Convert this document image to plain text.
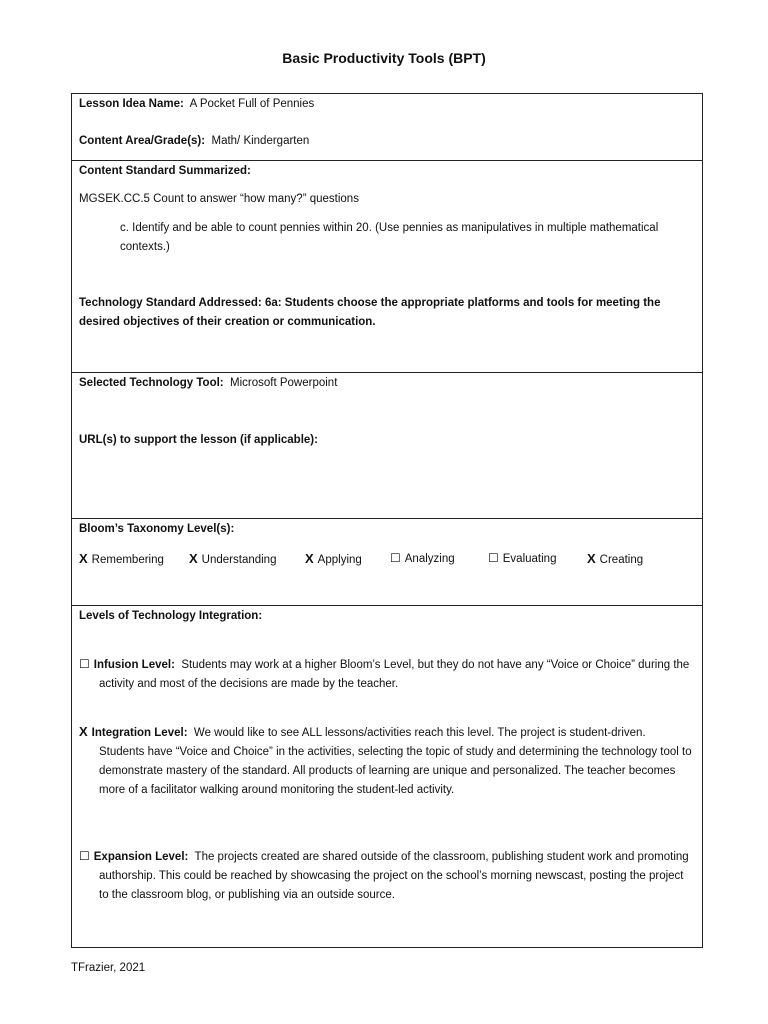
Basic Productivity Tools (BPT)
Lesson Idea Name: A Pocket Full of Pennies
Content Area/Grade(s): Math/ Kindergarten
Content Standard Summarized:
MGSEK.CC.5 Count to answer “how many?” questions
c. Identify and be able to count pennies within 20. (Use pennies as manipulatives in multiple mathematical contexts.)
Technology Standard Addressed: 6a: Students choose the appropriate platforms and tools for meeting the desired objectives of their creation or communication.
Selected Technology Tool: Microsoft Powerpoint
URL(s) to support the lesson (if applicable):
Bloom’s Taxonomy Level(s):
X Remembering X Understanding X Applying ☐ Analyzing	☐ Evaluating X Creating
Levels of Technology Integration:
☐ Infusion Level: Students may work at a higher Bloom’s Level, but they do not have any “Voice or Choice” during the activity and most of the decisions are made by the teacher.
X Integration Level: We would like to see ALL lessons/activities reach this level. The project is student-driven. Students have “Voice and Choice” in the activities, selecting the topic of study and determining the technology tool to demonstrate mastery of the standard. All products of learning are unique and personalized. The teacher becomes more of a facilitator walking around monitoring the student-led activity.
☐ Expansion Level: The projects created are shared outside of the classroom, publishing student work and promoting authorship. This could be reached by showcasing the project on the school’s morning newscast, posting the project to the classroom blog, or publishing via an outside source.
TFrazier, 2021
